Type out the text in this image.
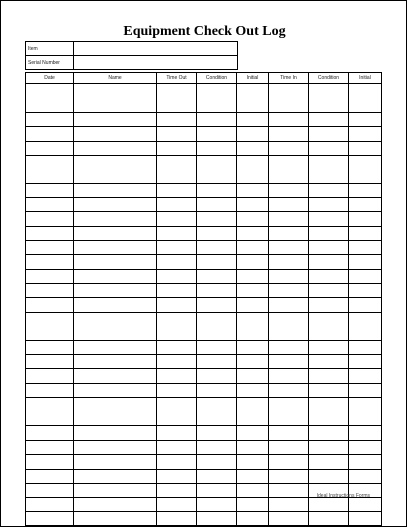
Equipment Check Out Log
Item	
Serial Number	
Date	Name	Time Out	Condition	Initial	Time In	Condition	Initial

Ideal Instructions Forms
